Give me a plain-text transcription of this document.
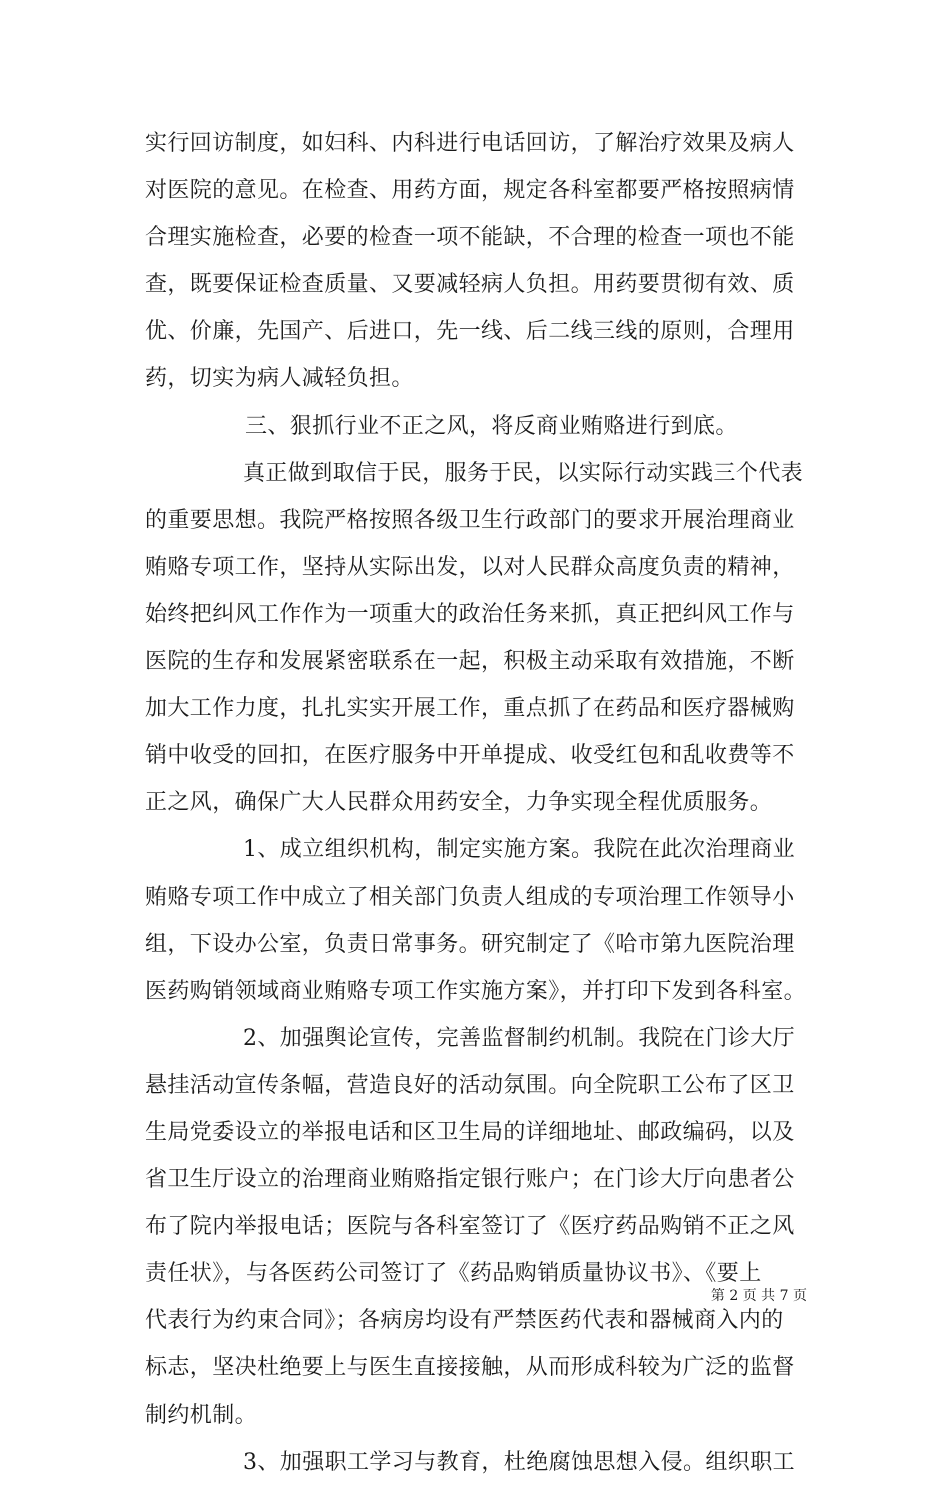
实行回访制度，如妇科、内科进行电话回访，了解治疗效果及病人
对医院的意见。在检查、用药方面，规定各科室都要严格按照病情
合理实施检查，必要的检查一项不能缺，不合理的检查一项也不能
查，既要保证检查质量、又要减轻病人负担。用药要贯彻有效、质
优、价廉，先国产、后进口，先一线、后二线三线的原则，合理用
药，切实为病人减轻负担。
三、狠抓行业不正之风，将反商业贿赂进行到底。
真正做到取信于民，服务于民，以实际行动实践三个代表
的重要思想。我院严格按照各级卫生行政部门的要求开展治理商业
贿赂专项工作，坚持从实际出发，以对人民群众高度负责的精神，
始终把纠风工作作为一项重大的政治任务来抓，真正把纠风工作与
医院的生存和发展紧密联系在一起，积极主动采取有效措施，不断
加大工作力度，扎扎实实开展工作，重点抓了在药品和医疗器械购
销中收受的回扣，在医疗服务中开单提成、收受红包和乱收费等不
正之风，确保广大人民群众用药安全，力争实现全程优质服务。
1、成立组织机构，制定实施方案。我院在此次治理商业
贿赂专项工作中成立了相关部门负责人组成的专项治理工作领导小
组，下设办公室，负责日常事务。研究制定了《哈市第九医院治理
医药购销领域商业贿赂专项工作实施方案》，并打印下发到各科室。
2、加强舆论宣传，完善监督制约机制。我院在门诊大厅
悬挂活动宣传条幅，营造良好的活动氛围。向全院职工公布了区卫
生局党委设立的举报电话和区卫生局的详细地址、邮政编码，以及
省卫生厅设立的治理商业贿赂指定银行账户；在门诊大厅向患者公
布了院内举报电话；医院与各科室签订了《医疗药品购销不正之风
责任状》，与各医药公司签订了《药品购销质量协议书》、《要上
代表行为约束合同》；各病房均设有严禁医药代表和器械商入内的
标志，坚决杜绝要上与医生直接接触，从而形成科较为广泛的监督
制约机制。
3、加强职工学习与教育，杜绝腐蚀思想入侵。组织职工
第 2 页 共 7 页
